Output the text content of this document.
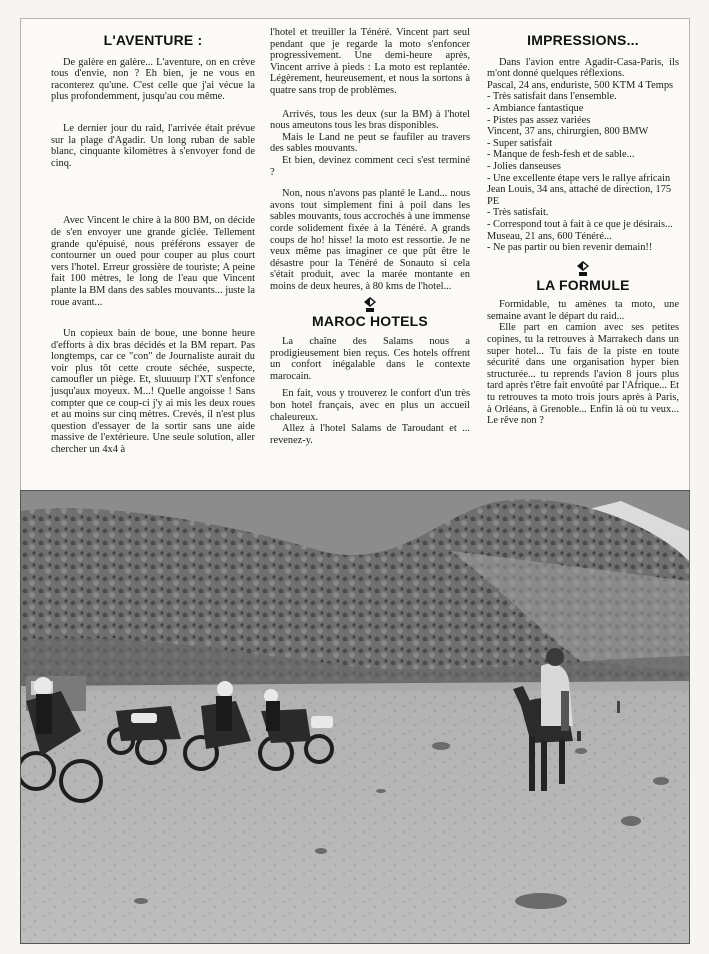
L'AVENTURE :

De galère en galère... L'aventure, on en crève tous d'envie, non ? Eh bien, je ne vous en raconterez qu'une. C'est celle que j'ai vécue la plus profondemment, jusqu'au cou même.

Le dernier jour du raid, l'arrivée était prévue sur la plage d'Agadir. Un long ruban de sable blanc, cinquante kilomètres à s'envoyer fond de cinq.

Avec Vincent le chire à la 800 BM, on décide de s'en envoyer une grande giclée. Tellement grande qu'épuisé, nous préférons essayer de contourner un oued pour couper au plus court vers l'hotel. Erreur grossière de touriste; A peine fait 100 mètres, le long de l'eau que Vincent plante la BM dans des sables mouvants... juste la roue avant...

Un copieux bain de boue, une bonne heure d'efforts à dix bras décidés et la BM repart. Pas longtemps, car ce "con" de Journaliste aurait du voir plus tôt cette croute séchée, suspecte, camoufler un piège. Et, sluuuurp l'XT s'enfonce jusqu'aux moyeux. M...! Quelle angoisse ! Sans compter que ce coup-ci j'y ai mis les deux roues et au moins sur cinq mètres. Crevés, il n'est plus question d'essayer de la sortir sans une aide massive de l'extérieure. Une seule solution, aller chercher un 4x4 à

l'hotel et treuiller la Ténéré. Vincent part seul pendant que je regarde la moto s'enfoncer progressivement. Une demi-heure après, Vincent arrive à pieds : La moto est replantée. Légèrement, heureusement, et nous la sortons à quatre sans trop de problèmes.

Arrivés, tous les deux (sur la BM) à l'hotel nous ameutons tous les bras disponibles.

Mais le Land ne peut se faufiler au travers des sables mouvants.

Et bien, devinez comment ceci s'est terminé ?

Non, nous n'avons pas planté le Land... nous avons tout simplement fini à poil dans les sables mouvants, tous accrochés à une immense corde solidement fixée à la Ténéré. A grands coups de ho! hisse! la moto est ressortie. Je ne veux même pas imaginer ce que pût être le désastre pour la Ténéré de Sonauto si cela s'était produit, avec la marée montante en moins de deux heures, à 80 kms de l'hotel...

MAROC HOTELS

La chaîne des Salams nous a prodigieusement bien reçus. Ces hotels offrent un confort inégalable dans le contexte marocain.

En fait, vous y trouverez le confort d'un très bon hotel français, avec en plus un accueil chaleureux.

Allez à l'hotel Salams de Taroudant et ... revenez-y.

IMPRESSIONS...

Dans l'avion entre Agadir-Casa-Paris, ils m'ont donné quelques réflexions.

Pascal, 24 ans, enduriste, 500 KTM 4 Temps
- Très satisfait dans l'ensemble.
- Ambiance fantastique
- Pistes pas assez variées
Vincent, 37 ans, chirurgien, 800 BMW
- Super satisfait
- Manque de fesh-fesh et de sable...
- Jolies danseuses
- Une excellente étape vers le rallye africain
Jean Louis, 34 ans, attaché de direction, 175 PE
- Très satisfait.
- Correspond tout à fait à ce que je désirais...
Museau, 21 ans, 600 Ténéré...
- Ne pas partir ou bien revenir demain!!
LA FORMULE

Formidable, tu amènes ta moto, une semaine avant le départ du raid...

Elle part en camion avec ses petites copines, tu la retrouves à Marrakech dans un super hotel... Tu fais de la piste en toute sécurité dans une organisation hyper bien structurée... tu reprends l'avion 8 jours plus tard après t'être fait envoûté par l'Afrique... Et tu retrouves ta moto trois jours après à Paris, à Orléans, à Grenoble... Enfin là où tu veux... Le rêve non ?
